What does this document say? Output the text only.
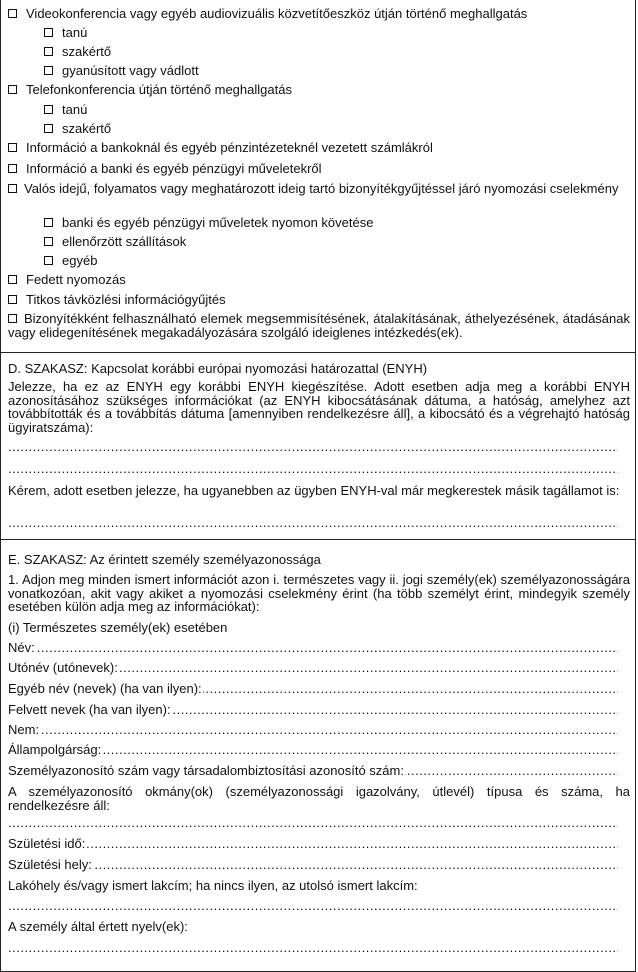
Videokonferencia vagy egyéb audiovizuális közvetítőeszköz útján történő meghallgatás
tanú
szakértő
gyanúsított vagy vádlott
Telefonkonferencia útján történő meghallgatás
tanú
szakértő
Információ a bankoknál és egyéb pénzintézeteknél vezetett számlákról
Információ a banki és egyéb pénzügyi műveletekről
Valós idejű, folyamatos vagy meghatározott ideig tartó bizonyítékgyűjtéssel járó nyomozási cselekmény
banki és egyéb pénzügyi műveletek nyomon követése
ellenőrzött szállítások
egyéb
Fedett nyomozás
Titkos távközlési információgyűjtés
Bizonyítékként felhasználható elemek megsemmisítésének, átalakításának, áthelyezésének, átadásának vagy elidegenítésének megakadályozására szolgáló ideiglenes intézkedés(ek).
D. SZAKASZ: Kapcsolat korábbi európai nyomozási határozattal (ENYH)
Jelezze, ha ez az ENYH egy korábbi ENYH kiegészítése. Adott esetben adja meg a korábbi ENYH azonosításához szükséges információkat (az ENYH kibocsátásának dátuma, a hatóság, amelyhez azt továbbították és a továbbítás dátuma [amennyiben rendelkezésre áll], a kibocsátó és a végrehajtó hatóság ügyiratszáma):
.....
.....
Kérem, adott esetben jelezze, ha ugyanebben az ügyben ENYH-val már megkerestek másik tagállamot is:
.....
E. SZAKASZ: Az érintett személy személyazonossága
1. Adjon meg minden ismert információt azon i. természetes vagy ii. jogi személy(ek) személyazonosságára vonatkozóan, akit vagy akiket a nyomozási cselekmény érint (ha több személyt érint, mindegyik személy esetében külön adja meg az információkat):
(i) Természetes személy(ek) esetében
.....
Név:
.....
Utónév (utónevek):
.....
Egyéb név (nevek) (ha van ilyen):
.....
Felvett nevek (ha van ilyen):
.....
Nem:
.....
Állampolgárság:
.....
Személyazonosító szám vagy társadalombiztosítási azonosító szám:
A személyazonosító okmány(ok) (személyazonossági igazolvány, útlevél) típusa és száma, ha rendelkezésre áll:
.....
.....
Születési idő:
.....
Születési hely:
Lakóhely és/vagy ismert lakcím; ha nincs ilyen, az utolsó ismert lakcím:
.....
A személy által értett nyelv(ek):
.....
